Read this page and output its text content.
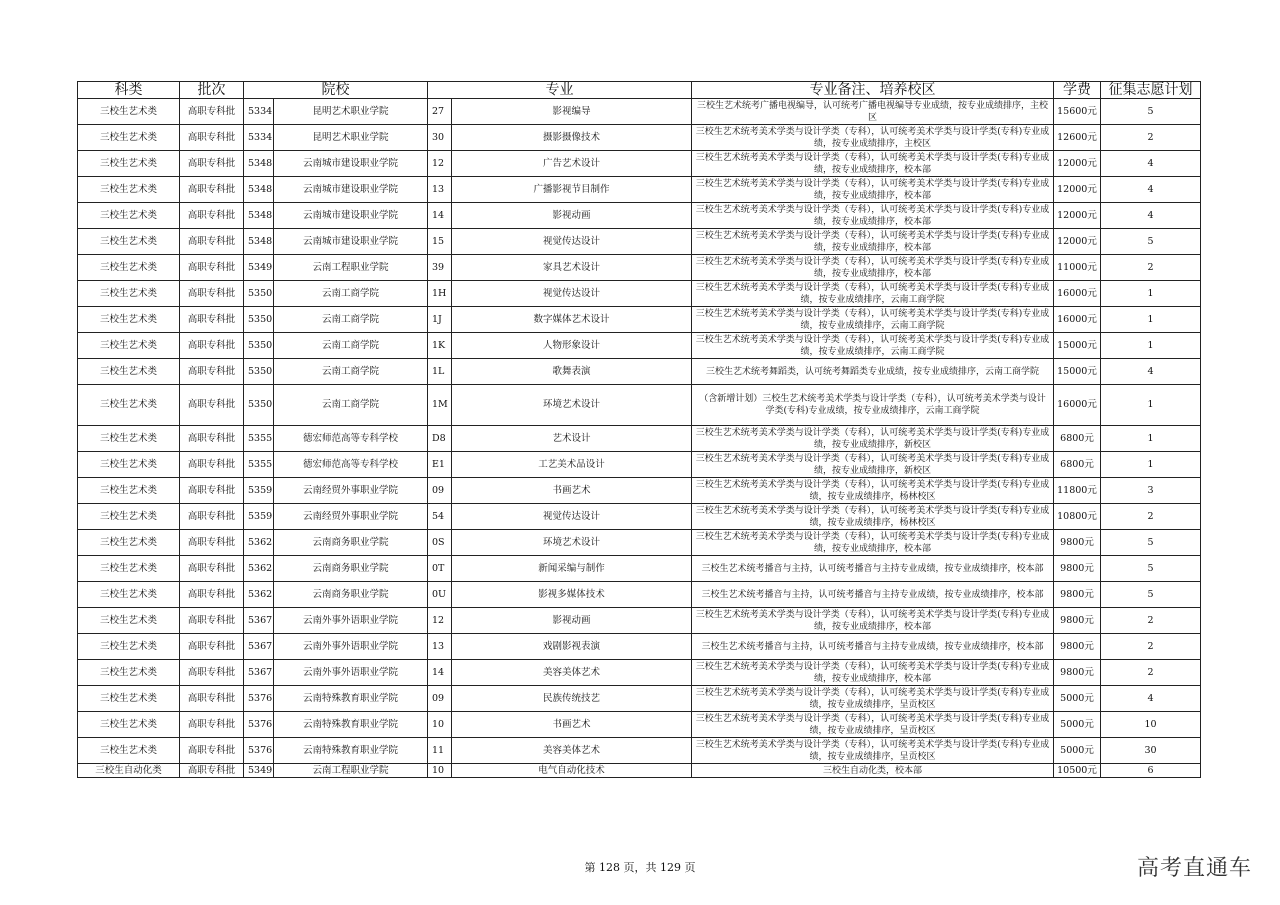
科类	批次	院校		专业		专业备注、培养校区	学费	征集志愿计划
三校生艺术类	高职专科批	5334	昆明艺术职业学院	27	影视编导	三校生艺术统考广播电视编导，认可统考广播电视编导专业成绩，按专业成绩排序，主校区	15600元	5
三校生艺术类	高职专科批	5334	昆明艺术职业学院	30	摄影摄像技术	三校生艺术统考美术学类与设计学类（专科），认可统考美术学类与设计学类(专科)专业成绩，按专业成绩排序，主校区	12600元	2
三校生艺术类	高职专科批	5348	云南城市建设职业学院	12	广告艺术设计	三校生艺术统考美术学类与设计学类（专科），认可统考美术学类与设计学类(专科)专业成绩，按专业成绩排序，校本部	12000元	4
三校生艺术类	高职专科批	5348	云南城市建设职业学院	13	广播影视节目制作	三校生艺术统考美术学类与设计学类（专科），认可统考美术学类与设计学类(专科)专业成绩，按专业成绩排序，校本部	12000元	4
三校生艺术类	高职专科批	5348	云南城市建设职业学院	14	影视动画	三校生艺术统考美术学类与设计学类（专科），认可统考美术学类与设计学类(专科)专业成绩，按专业成绩排序，校本部	12000元	4
三校生艺术类	高职专科批	5348	云南城市建设职业学院	15	视觉传达设计	三校生艺术统考美术学类与设计学类（专科），认可统考美术学类与设计学类(专科)专业成绩，按专业成绩排序，校本部	12000元	5
三校生艺术类	高职专科批	5349	云南工程职业学院	39	家具艺术设计	三校生艺术统考美术学类与设计学类（专科），认可统考美术学类与设计学类(专科)专业成绩，按专业成绩排序，校本部	11000元	2
三校生艺术类	高职专科批	5350	云南工商学院	1H	视觉传达设计	三校生艺术统考美术学类与设计学类（专科），认可统考美术学类与设计学类(专科)专业成绩，按专业成绩排序，云南工商学院	16000元	1
三校生艺术类	高职专科批	5350	云南工商学院	1J	数字媒体艺术设计	三校生艺术统考美术学类与设计学类（专科），认可统考美术学类与设计学类(专科)专业成绩，按专业成绩排序，云南工商学院	16000元	1
三校生艺术类	高职专科批	5350	云南工商学院	1K	人物形象设计	三校生艺术统考美术学类与设计学类（专科），认可统考美术学类与设计学类(专科)专业成绩，按专业成绩排序，云南工商学院	15000元	1
三校生艺术类	高职专科批	5350	云南工商学院	1L	歌舞表演	三校生艺术统考舞蹈类，认可统考舞蹈类专业成绩，按专业成绩排序，云南工商学院	15000元	4
三校生艺术类	高职专科批	5350	云南工商学院	1M	环境艺术设计	（含新增计划）三校生艺术统考美术学类与设计学类（专科），认可统考美术学类与设计学类(专科)专业成绩，按专业成绩排序，云南工商学院	16000元	1
三校生艺术类	高职专科批	5355	德宏师范高等专科学校	D8	艺术设计	三校生艺术统考美术学类与设计学类（专科），认可统考美术学类与设计学类(专科)专业成绩，按专业成绩排序，新校区	6800元	1
三校生艺术类	高职专科批	5355	德宏师范高等专科学校	E1	工艺美术品设计	三校生艺术统考美术学类与设计学类（专科），认可统考美术学类与设计学类(专科)专业成绩，按专业成绩排序，新校区	6800元	1
三校生艺术类	高职专科批	5359	云南经贸外事职业学院	09	书画艺术	三校生艺术统考美术学类与设计学类（专科），认可统考美术学类与设计学类(专科)专业成绩，按专业成绩排序，杨林校区	11800元	3
三校生艺术类	高职专科批	5359	云南经贸外事职业学院	54	视觉传达设计	三校生艺术统考美术学类与设计学类（专科），认可统考美术学类与设计学类(专科)专业成绩，按专业成绩排序，杨林校区	10800元	2
三校生艺术类	高职专科批	5362	云南商务职业学院	0S	环境艺术设计	三校生艺术统考美术学类与设计学类（专科），认可统考美术学类与设计学类(专科)专业成绩，按专业成绩排序，校本部	9800元	5
三校生艺术类	高职专科批	5362	云南商务职业学院	0T	新闻采编与制作	三校生艺术统考播音与主持，认可统考播音与主持专业成绩，按专业成绩排序，校本部	9800元	5
三校生艺术类	高职专科批	5362	云南商务职业学院	0U	影视多媒体技术	三校生艺术统考播音与主持，认可统考播音与主持专业成绩，按专业成绩排序，校本部	9800元	5
三校生艺术类	高职专科批	5367	云南外事外语职业学院	12	影视动画	三校生艺术统考美术学类与设计学类（专科），认可统考美术学类与设计学类(专科)专业成绩，按专业成绩排序，校本部	9800元	2
三校生艺术类	高职专科批	5367	云南外事外语职业学院	13	戏剧影视表演	三校生艺术统考播音与主持，认可统考播音与主持专业成绩，按专业成绩排序，校本部	9800元	2
三校生艺术类	高职专科批	5367	云南外事外语职业学院	14	美容美体艺术	三校生艺术统考美术学类与设计学类（专科），认可统考美术学类与设计学类(专科)专业成绩，按专业成绩排序，校本部	9800元	2
三校生艺术类	高职专科批	5376	云南特殊教育职业学院	09	民族传统技艺	三校生艺术统考美术学类与设计学类（专科），认可统考美术学类与设计学类(专科)专业成绩，按专业成绩排序，呈贡校区	5000元	4
三校生艺术类	高职专科批	5376	云南特殊教育职业学院	10	书画艺术	三校生艺术统考美术学类与设计学类（专科），认可统考美术学类与设计学类(专科)专业成绩，按专业成绩排序，呈贡校区	5000元	10
三校生艺术类	高职专科批	5376	云南特殊教育职业学院	11	美容美体艺术	三校生艺术统考美术学类与设计学类（专科），认可统考美术学类与设计学类(专科)专业成绩，按专业成绩排序，呈贡校区	5000元	30
三校生自动化类	高职专科批	5349	云南工程职业学院	10	电气自动化技术	三校生自动化类，校本部	10500元	6
第 128 页，共 129 页	高考直通车
